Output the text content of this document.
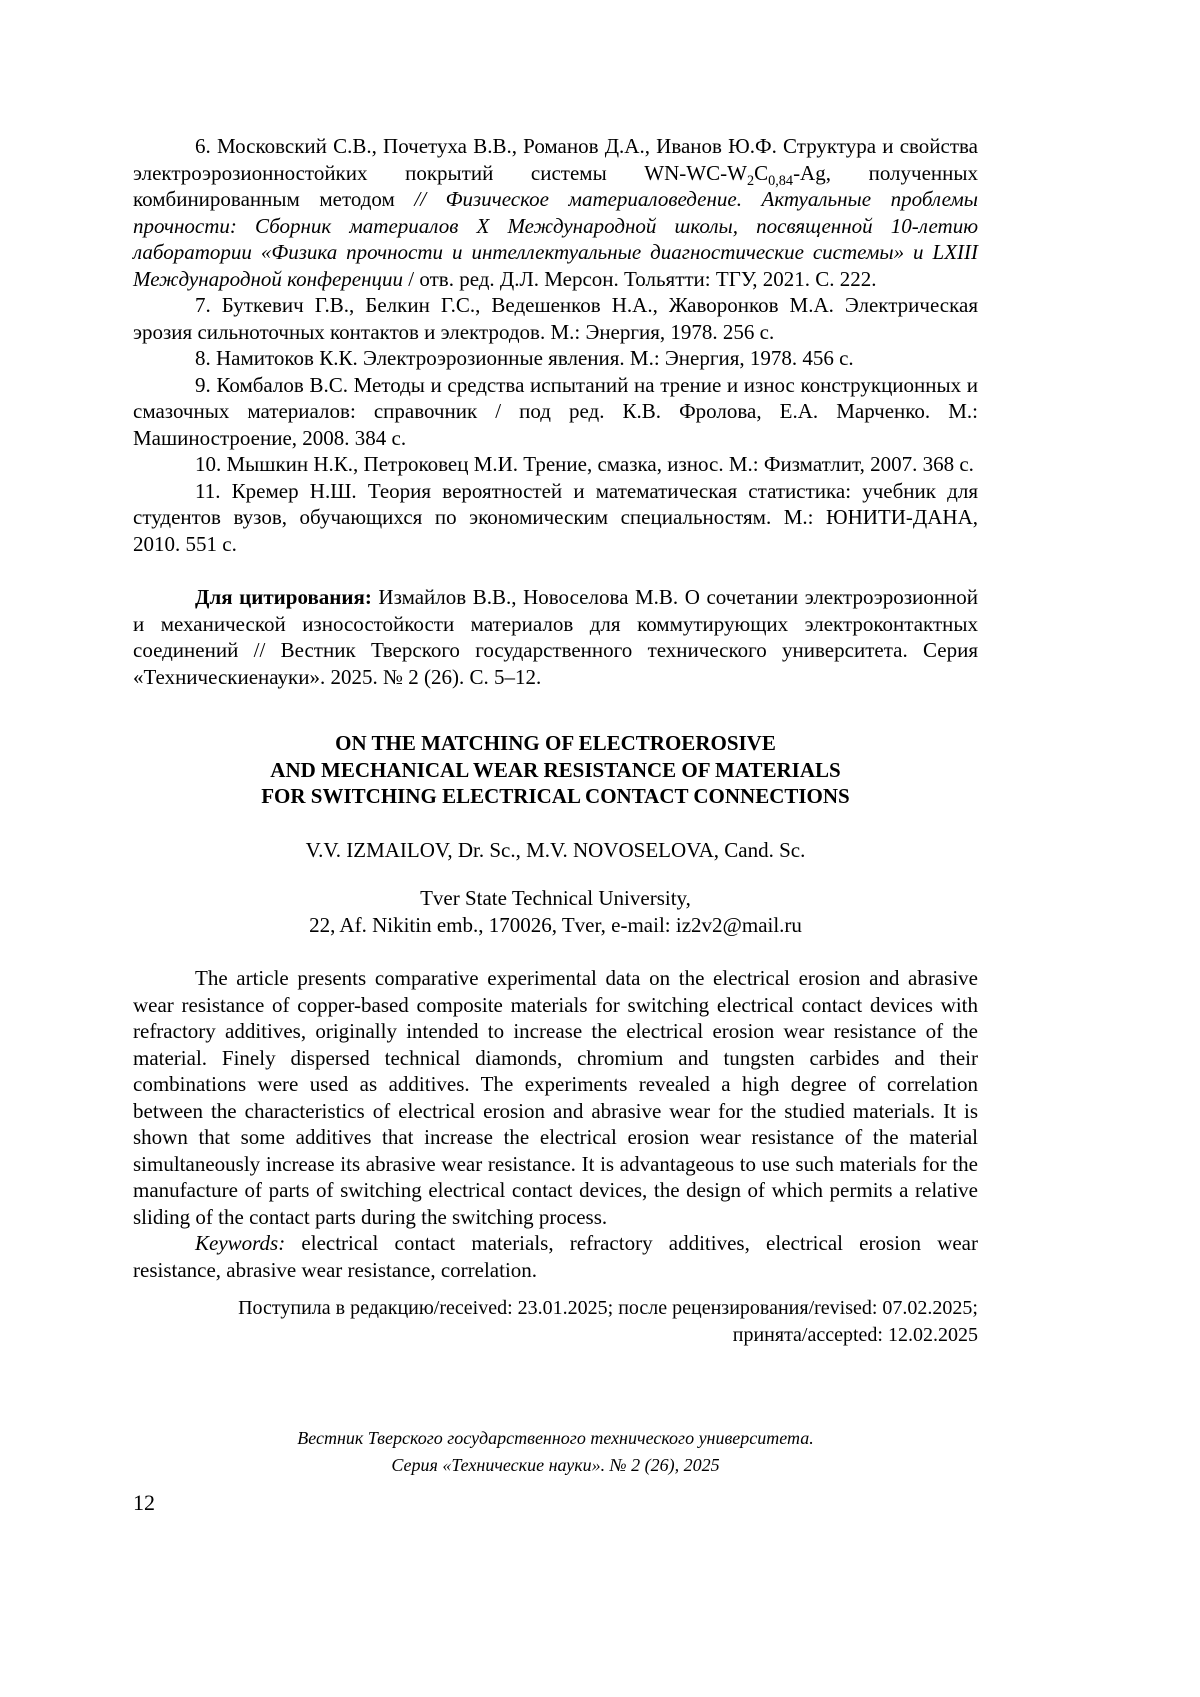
6. Московский С.В., Почетуха В.В., Романов Д.А., Иванов Ю.Ф. Структура и свойства электроэрозионностойких покрытий системы $WN-WC-W_2C_{0,84}-Ag$, полученных комбинированным методом // Физическое материаловедение. Актуальные проблемы прочности: Сборник материалов X Международной школы, посвященной 10-летию лаборатории «Физика прочности и интеллектуальные диагностические системы» и LXIII Международной конференции / отв. ред. Д.Л. Мерсон. Тольятти: ТГУ, 2021. С. 222.

7. Буткевич Г.В., Белкин Г.С., Ведешенков Н.А., Жаворонков М.А. Электрическая эрозия сильноточных контактов и электродов. М.: Энергия, 1978. 256 с.

8. Намитоков К.К. Электроэрозионные явления. М.: Энергия, 1978. 456 с.

9. Комбалов В.С. Методы и средства испытаний на трение и износ конструкционных и смазочных материалов: справочник / под ред. К.В. Фролова, Е.А. Марченко. М.: Машиностроение, 2008. 384 с.

10. Мышкин Н.К., Петроковец М.И. Трение, смазка, износ. М.: Физматлит, 2007. 368 с.

11. Кремер Н.Ш. Теория вероятностей и математическая статистика: учебник для студентов вузов, обучающихся по экономическим специальностям. М.: ЮНИТИ-ДАНА, 2010. 551 с.

Для цитирования: Измайлов В.В., Новоселова М.В. О сочетании электроэрозионной и механической износостойкости материалов для коммутирующих электроконтактных соединений // Вестник Тверского государственного технического университета. Серия «Техническиенауки». 2025. № 2 (26). С. 5–12.

ON THE MATCHING OF ELECTROEROSIVE

AND MECHANICAL WEAR RESISTANCE OF MATERIALS

FOR SWITCHING ELECTRICAL CONTACT CONNECTIONS

V.V. IZMAILOV, Dr. Sc., M.V. NOVOSELOVA, Cand. Sc.

Tver State Technical University,

22, Af. Nikitin emb., 170026, Tver, e-mail: iz2v2@mail.ru

The article presents comparative experimental data on the electrical erosion and abrasive wear resistance of copper-based composite materials for switching electrical contact devices with refractory additives, originally intended to increase the electrical erosion wear resistance of the material. Finely dispersed technical diamonds, chromium and tungsten carbides and their combinations were used as additives. The experiments revealed a high degree of correlation between the characteristics of electrical erosion and abrasive wear for the studied materials. It is shown that some additives that increase the electrical erosion wear resistance of the material simultaneously increase its abrasive wear resistance. It is advantageous to use such materials for the manufacture of parts of switching electrical contact devices, the design of which permits a relative sliding of the contact parts during the switching process.

Keywords: electrical contact materials, refractory additives, electrical erosion wear resistance, abrasive wear resistance, correlation.

Поступила в редакцию/received: 23.01.2025; после рецензирования/revised: 07.02.2025;
принята/accepted: 12.02.2025

Вестник Тверского государственного технического университета.

Серия «Технические науки». № 2 (26), 2025

12
